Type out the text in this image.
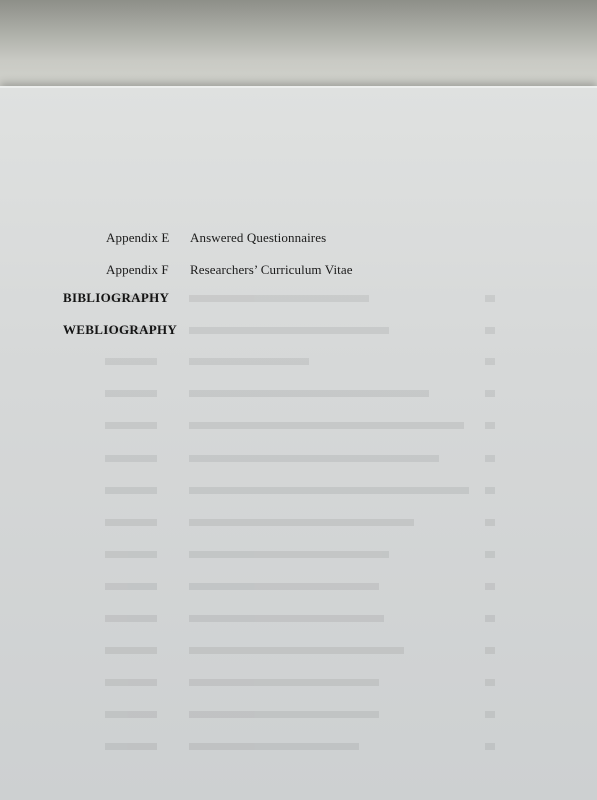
Appendix E Answered Questionnaires
Appendix F Researchers’ Curriculum Vitae
BIBLIOGRAPHY
WEBLIOGRAPHY
